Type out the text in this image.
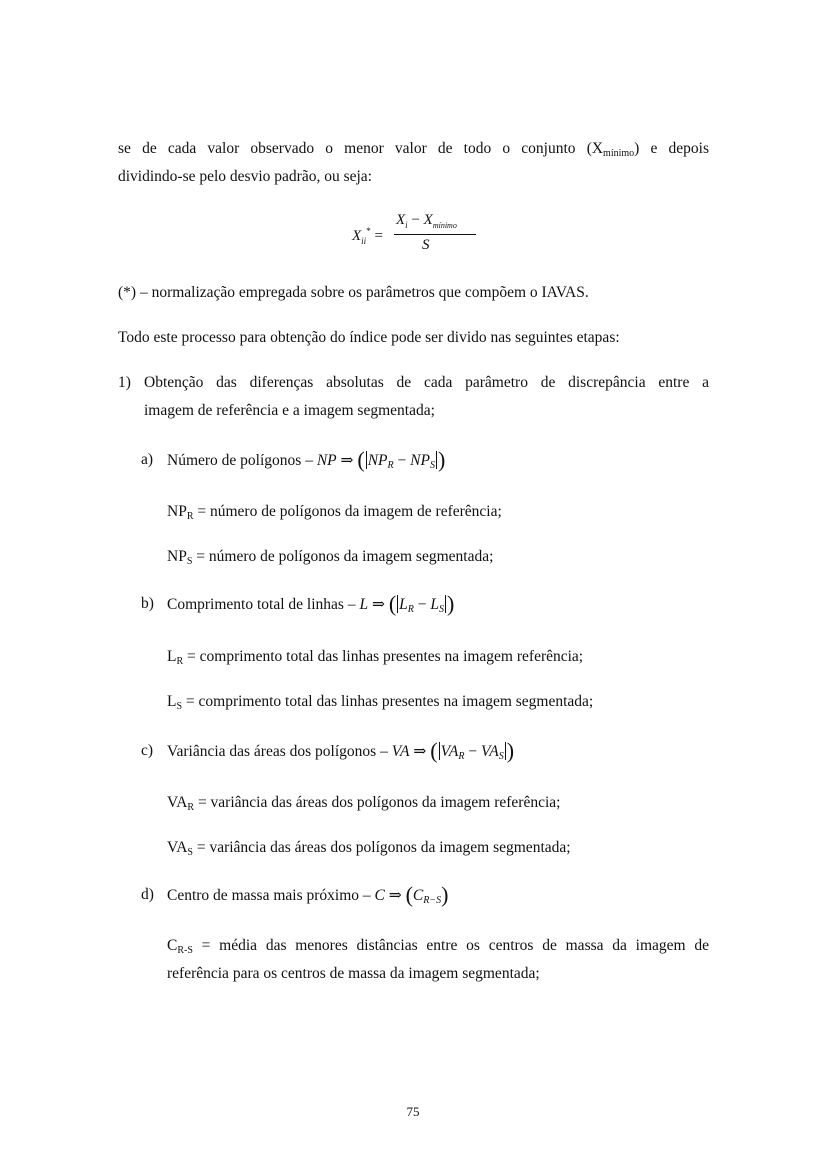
se de cada valor observado o menor valor de todo o conjunto $(X_{mínimo})$ e depois
dividindo-se pelo desvio padrão, ou seja:
$X_{ii}^*$ =
$X_i - X_{mínimo}$
S
(*) – normalização empregada sobre os parâmetros que compõem o IAVAS.
Todo este processo para obtenção do índice pode ser divido nas seguintes etapas:
1) Obtenção das diferenças absolutas de cada parâmetro de discrepância entre a
imagem de referência e a imagem segmentada;
a) Número de polígonos – NP ⇒ ( NPR − NPS )
$NP_R$ = número de polígonos da imagem de referência;
$NP_S$ = número de polígonos da imagem segmentada;
b) Comprimento total de linhas – L ⇒ ( LR − LS )
$L_R$ = comprimento total das linhas presentes na imagem referência;
$L_S$ = comprimento total das linhas presentes na imagem segmentada;
c) Variância das áreas dos polígonos – VA ⇒ ( VAR − VAS )
$VA_R$ = variância das áreas dos polígonos da imagem referência;
$VA_S$ = variância das áreas dos polígonos da imagem segmentada;
d) Centro de massa mais próximo – C ⇒ (CR−S)
$C_{R-S}$ = média das menores distâncias entre os centros de massa da imagem de
referência para os centros de massa da imagem segmentada;
75
